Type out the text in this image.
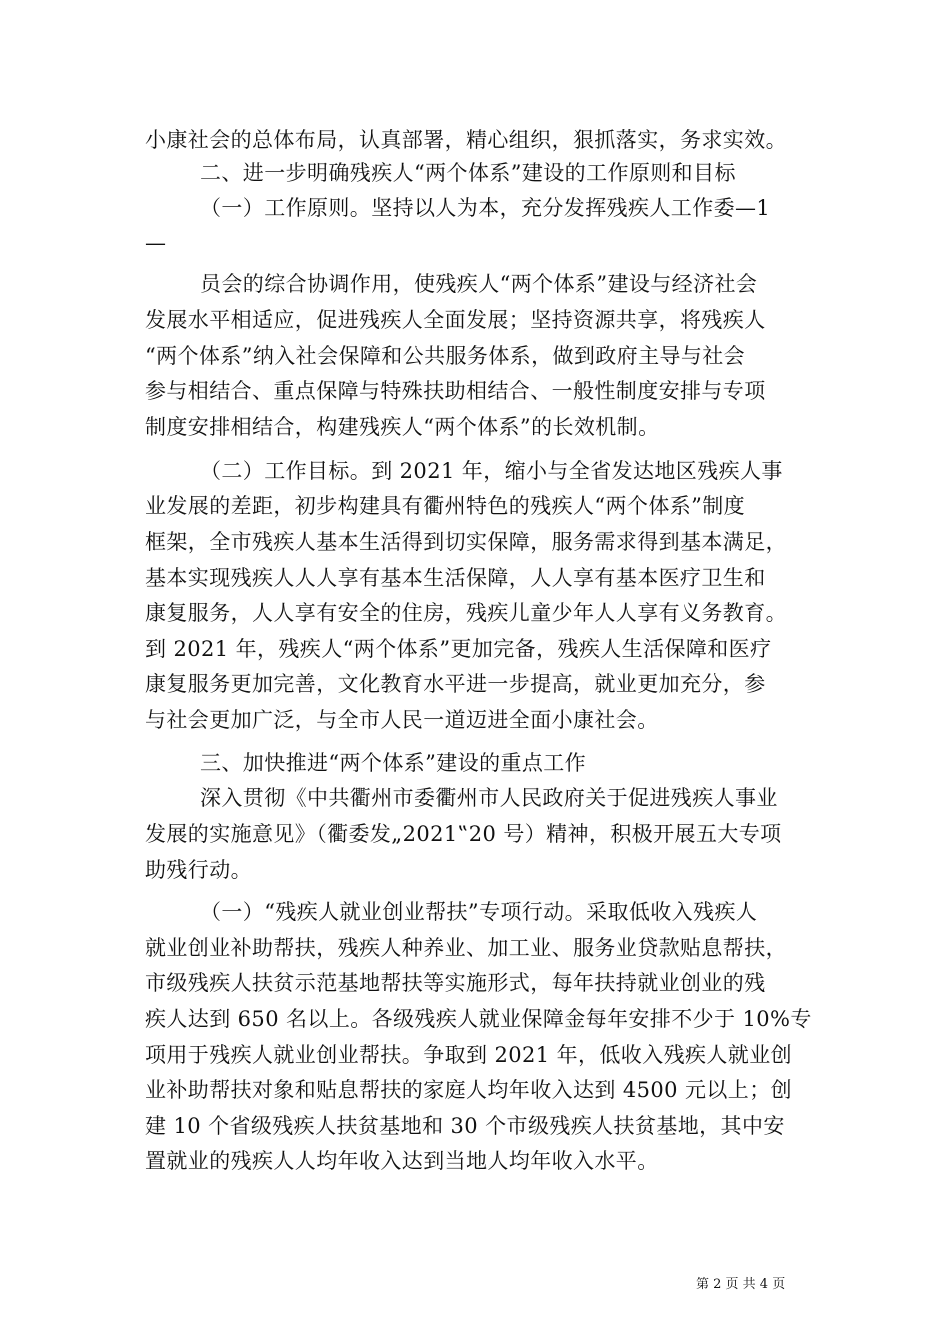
小康社会的总体布局，认真部署，精心组织，狠抓落实，务求实效。
二、进一步明确残疾人“两个体系”建设的工作原则和目标
（一）工作原则。坚持以人为本，充分发挥残疾人工作委—1
—
员会的综合协调作用，使残疾人“两个体系”建设与经济社会
发展水平相适应，促进残疾人全面发展；坚持资源共享，将残疾人
“两个体系”纳入社会保障和公共服务体系，做到政府主导与社会
参与相结合、重点保障与特殊扶助相结合、一般性制度安排与专项
制度安排相结合，构建残疾人“两个体系”的长效机制。
（二）工作目标。到 2021 年，缩小与全省发达地区残疾人事
业发展的差距，初步构建具有衢州特色的残疾人“两个体系”制度
框架，全市残疾人基本生活得到切实保障，服务需求得到基本满足，
基本实现残疾人人人享有基本生活保障，人人享有基本医疗卫生和
康复服务，人人享有安全的住房，残疾儿童少年人人享有义务教育。
到 2021 年，残疾人“两个体系”更加完备，残疾人生活保障和医疗
康复服务更加完善，文化教育水平进一步提高，就业更加充分，参
与社会更加广泛，与全市人民一道迈进全面小康社会。
三、加快推进“两个体系”建设的重点工作
深入贯彻《中共衢州市委衢州市人民政府关于促进残疾人事业
发展的实施意见》（衢委发„2021‟20 号）精神，积极开展五大专项
助残行动。
（一）“残疾人就业创业帮扶”专项行动。采取低收入残疾人
就业创业补助帮扶，残疾人种养业、加工业、服务业贷款贴息帮扶，
市级残疾人扶贫示范基地帮扶等实施形式，每年扶持就业创业的残
疾人达到 650 名以上。各级残疾人就业保障金每年安排不少于 10%专
项用于残疾人就业创业帮扶。争取到 2021 年，低收入残疾人就业创
业补助帮扶对象和贴息帮扶的家庭人均年收入达到 4500 元以上；创
建 10 个省级残疾人扶贫基地和 30 个市级残疾人扶贫基地，其中安
置就业的残疾人人均年收入达到当地人均年收入水平。
第 2 页 共 4 页
